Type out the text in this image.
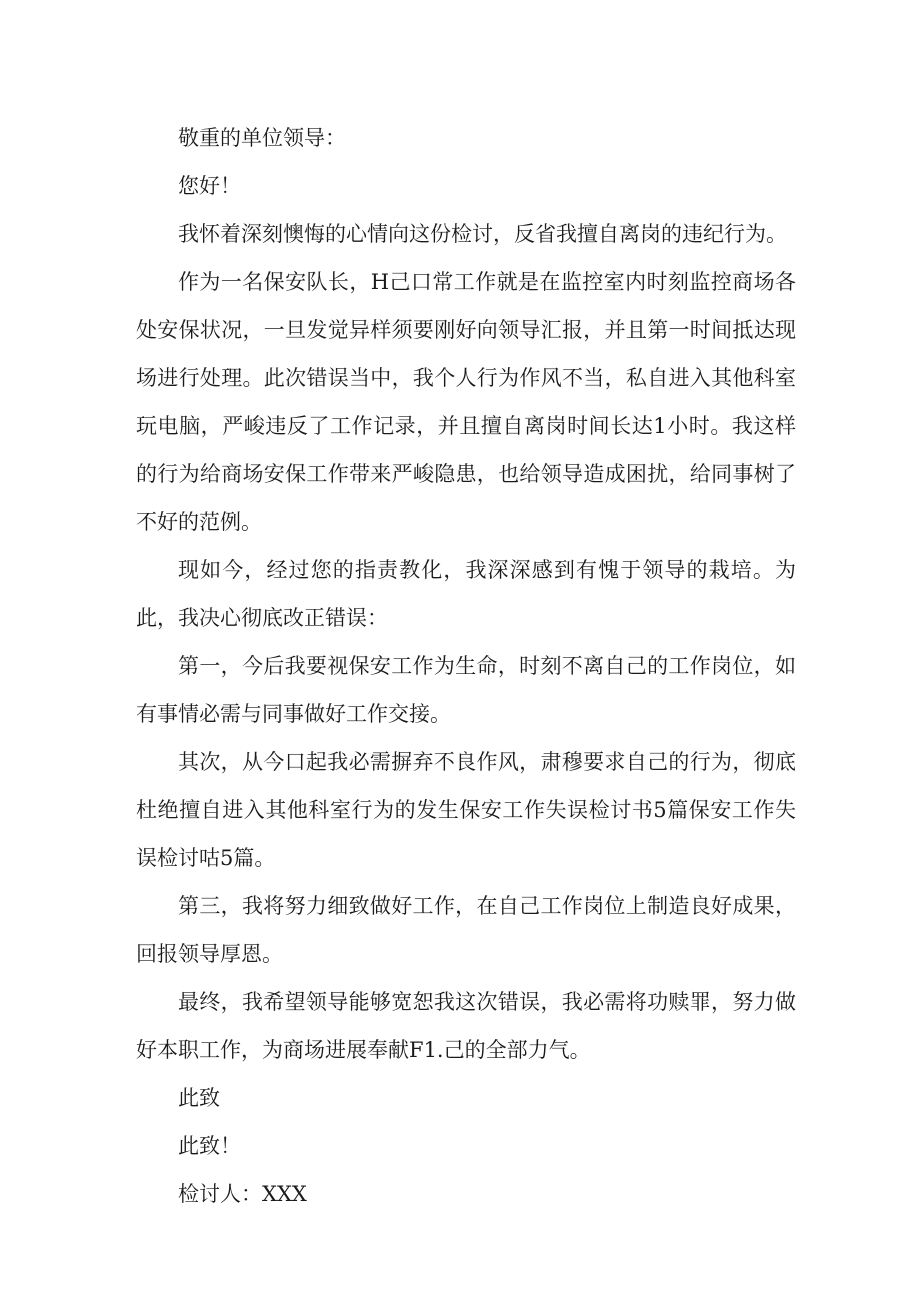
敬重的单位领导：
您好！

我怀着深刻懊悔的心情向这份检讨，反省我擅自离岗的违纪行为。

作为一名保安队长，H己口常工作就是在监控室内时刻监控商场各处安保状况，一旦发觉异样须要刚好向领导汇报，并且第一时间抵达现场进行处理。此次错误当中，我个人行为作风不当，私自进入其他科室玩电脑，严峻违反了工作记录，并且擅自离岗时间长达1小时。我这样的行为给商场安保工作带来严峻隐患，也给领导造成困扰，给同事树了不好的范例。

现如今，经过您的指责教化，我深深感到有愧于领导的栽培。为此，我决心彻底改正错误：

第一，今后我要视保安工作为生命，时刻不离自己的工作岗位，如有事情必需与同事做好工作交接。

其次，从今口起我必需摒弃不良作风，肃穆要求自己的行为，彻底杜绝擅自进入其他科室行为的发生保安工作失误检讨书5篇保安工作失误检讨咕5篇。

第三，我将努力细致做好工作，在自己工作岗位上制造良好成果，回报领导厚恩。

最终，我希望领导能够宽恕我这次错误，我必需将功赎罪，努力做好本职工作，为商场进展奉献F1.己的全部力气。

此致
此致！
检讨人：XXX
